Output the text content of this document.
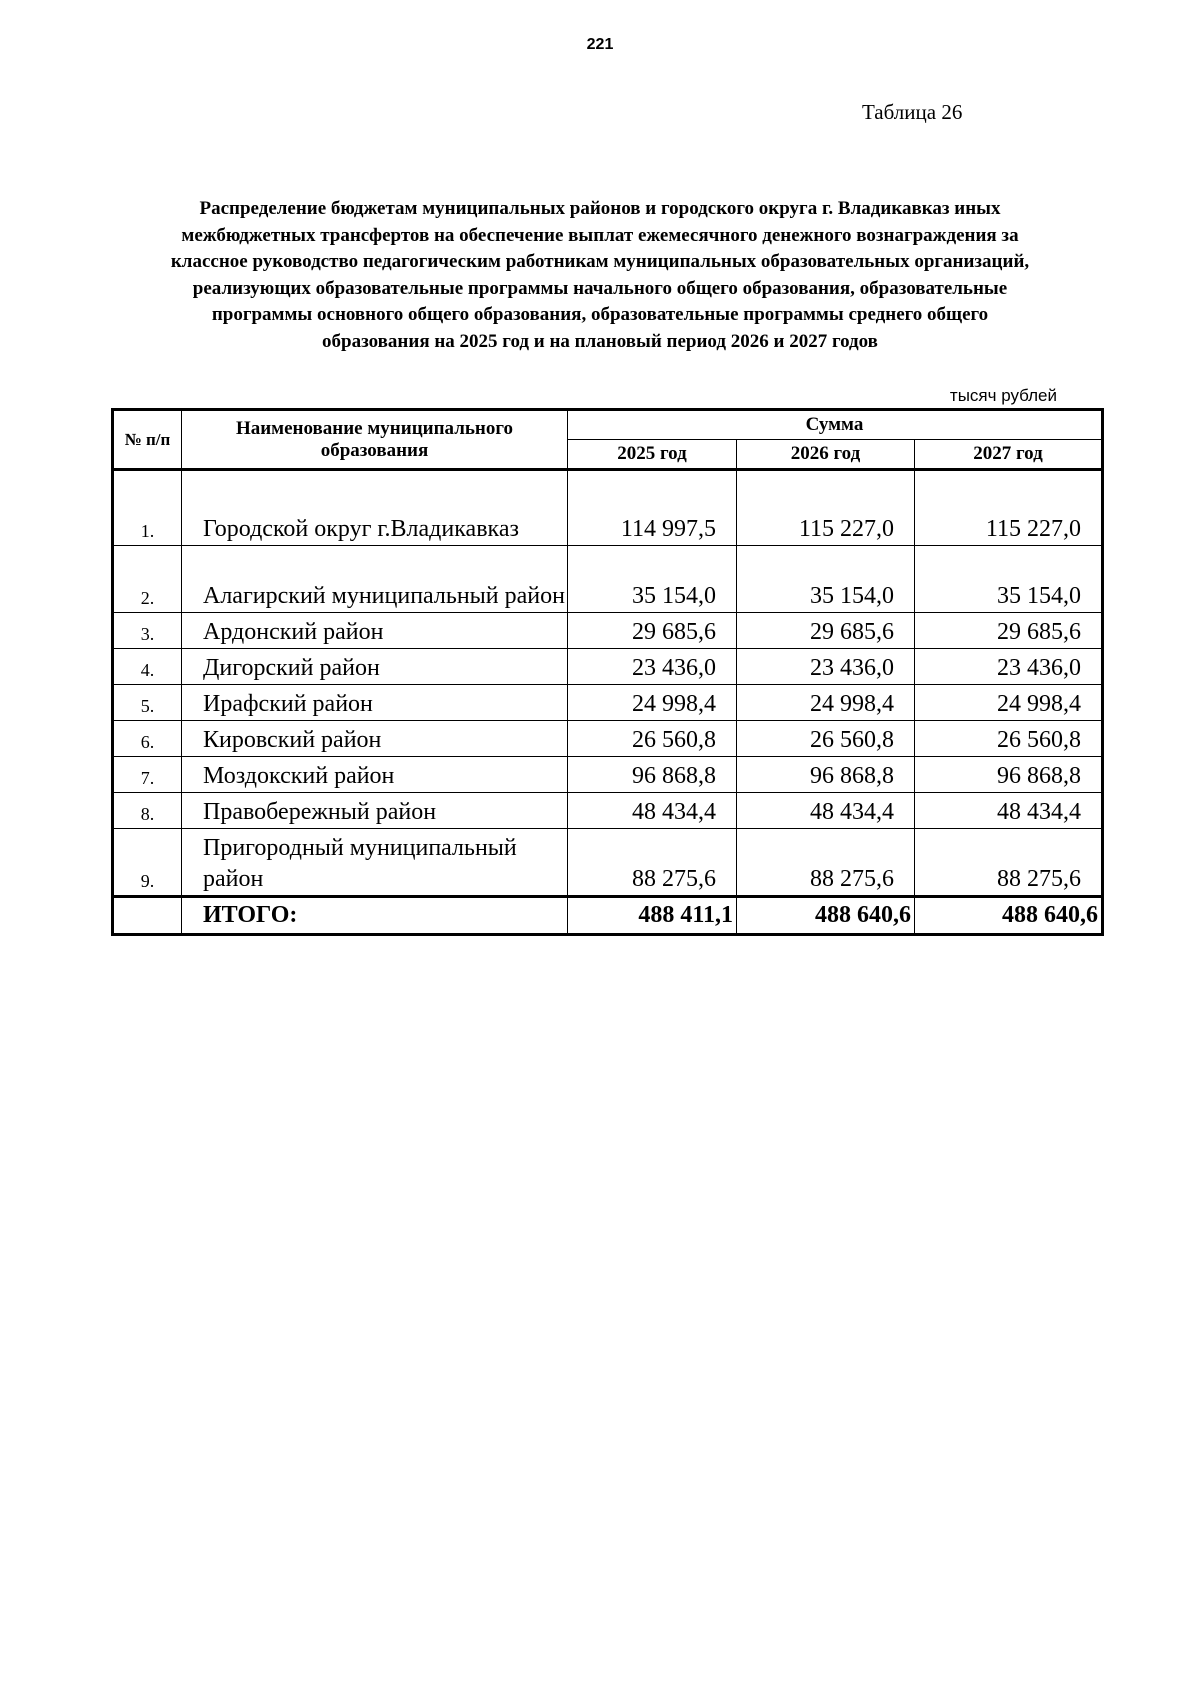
221
Таблица 26
Распределение бюджетам муниципальных районов и городского округа г. Владикавказ иных
межбюджетных трансфертов на обеспечение выплат ежемесячного денежного вознаграждения за
классное руководство педагогическим работникам муниципальных образовательных организаций,
реализующих образовательные программы начального общего образования, образовательные
программы основного общего образования, образовательные программы среднего общего
образования на 2025 год и на плановый период 2026 и 2027 годов
тысяч рублей
№ п/п	Наименование муниципального образования	Сумма		
		2025 год	2026 год	2027 год
1.	Городской округ г.Владикавказ	114 997,5	115 227,0	115 227,0
2.	Алагирский муниципальный район	35 154,0	35 154,0	35 154,0
3.	Ардонский район	29 685,6	29 685,6	29 685,6
4.	Дигорский район	23 436,0	23 436,0	23 436,0
5.	Ирафский район	24 998,4	24 998,4	24 998,4
6.	Кировский район	26 560,8	26 560,8	26 560,8
7.	Моздокский район	96 868,8	96 868,8	96 868,8
8.	Правобережный район	48 434,4	48 434,4	48 434,4
9.	Пригородный муниципальный район	88 275,6	88 275,6	88 275,6
	ИТОГО:	488 411,1	488 640,6	488 640,6
